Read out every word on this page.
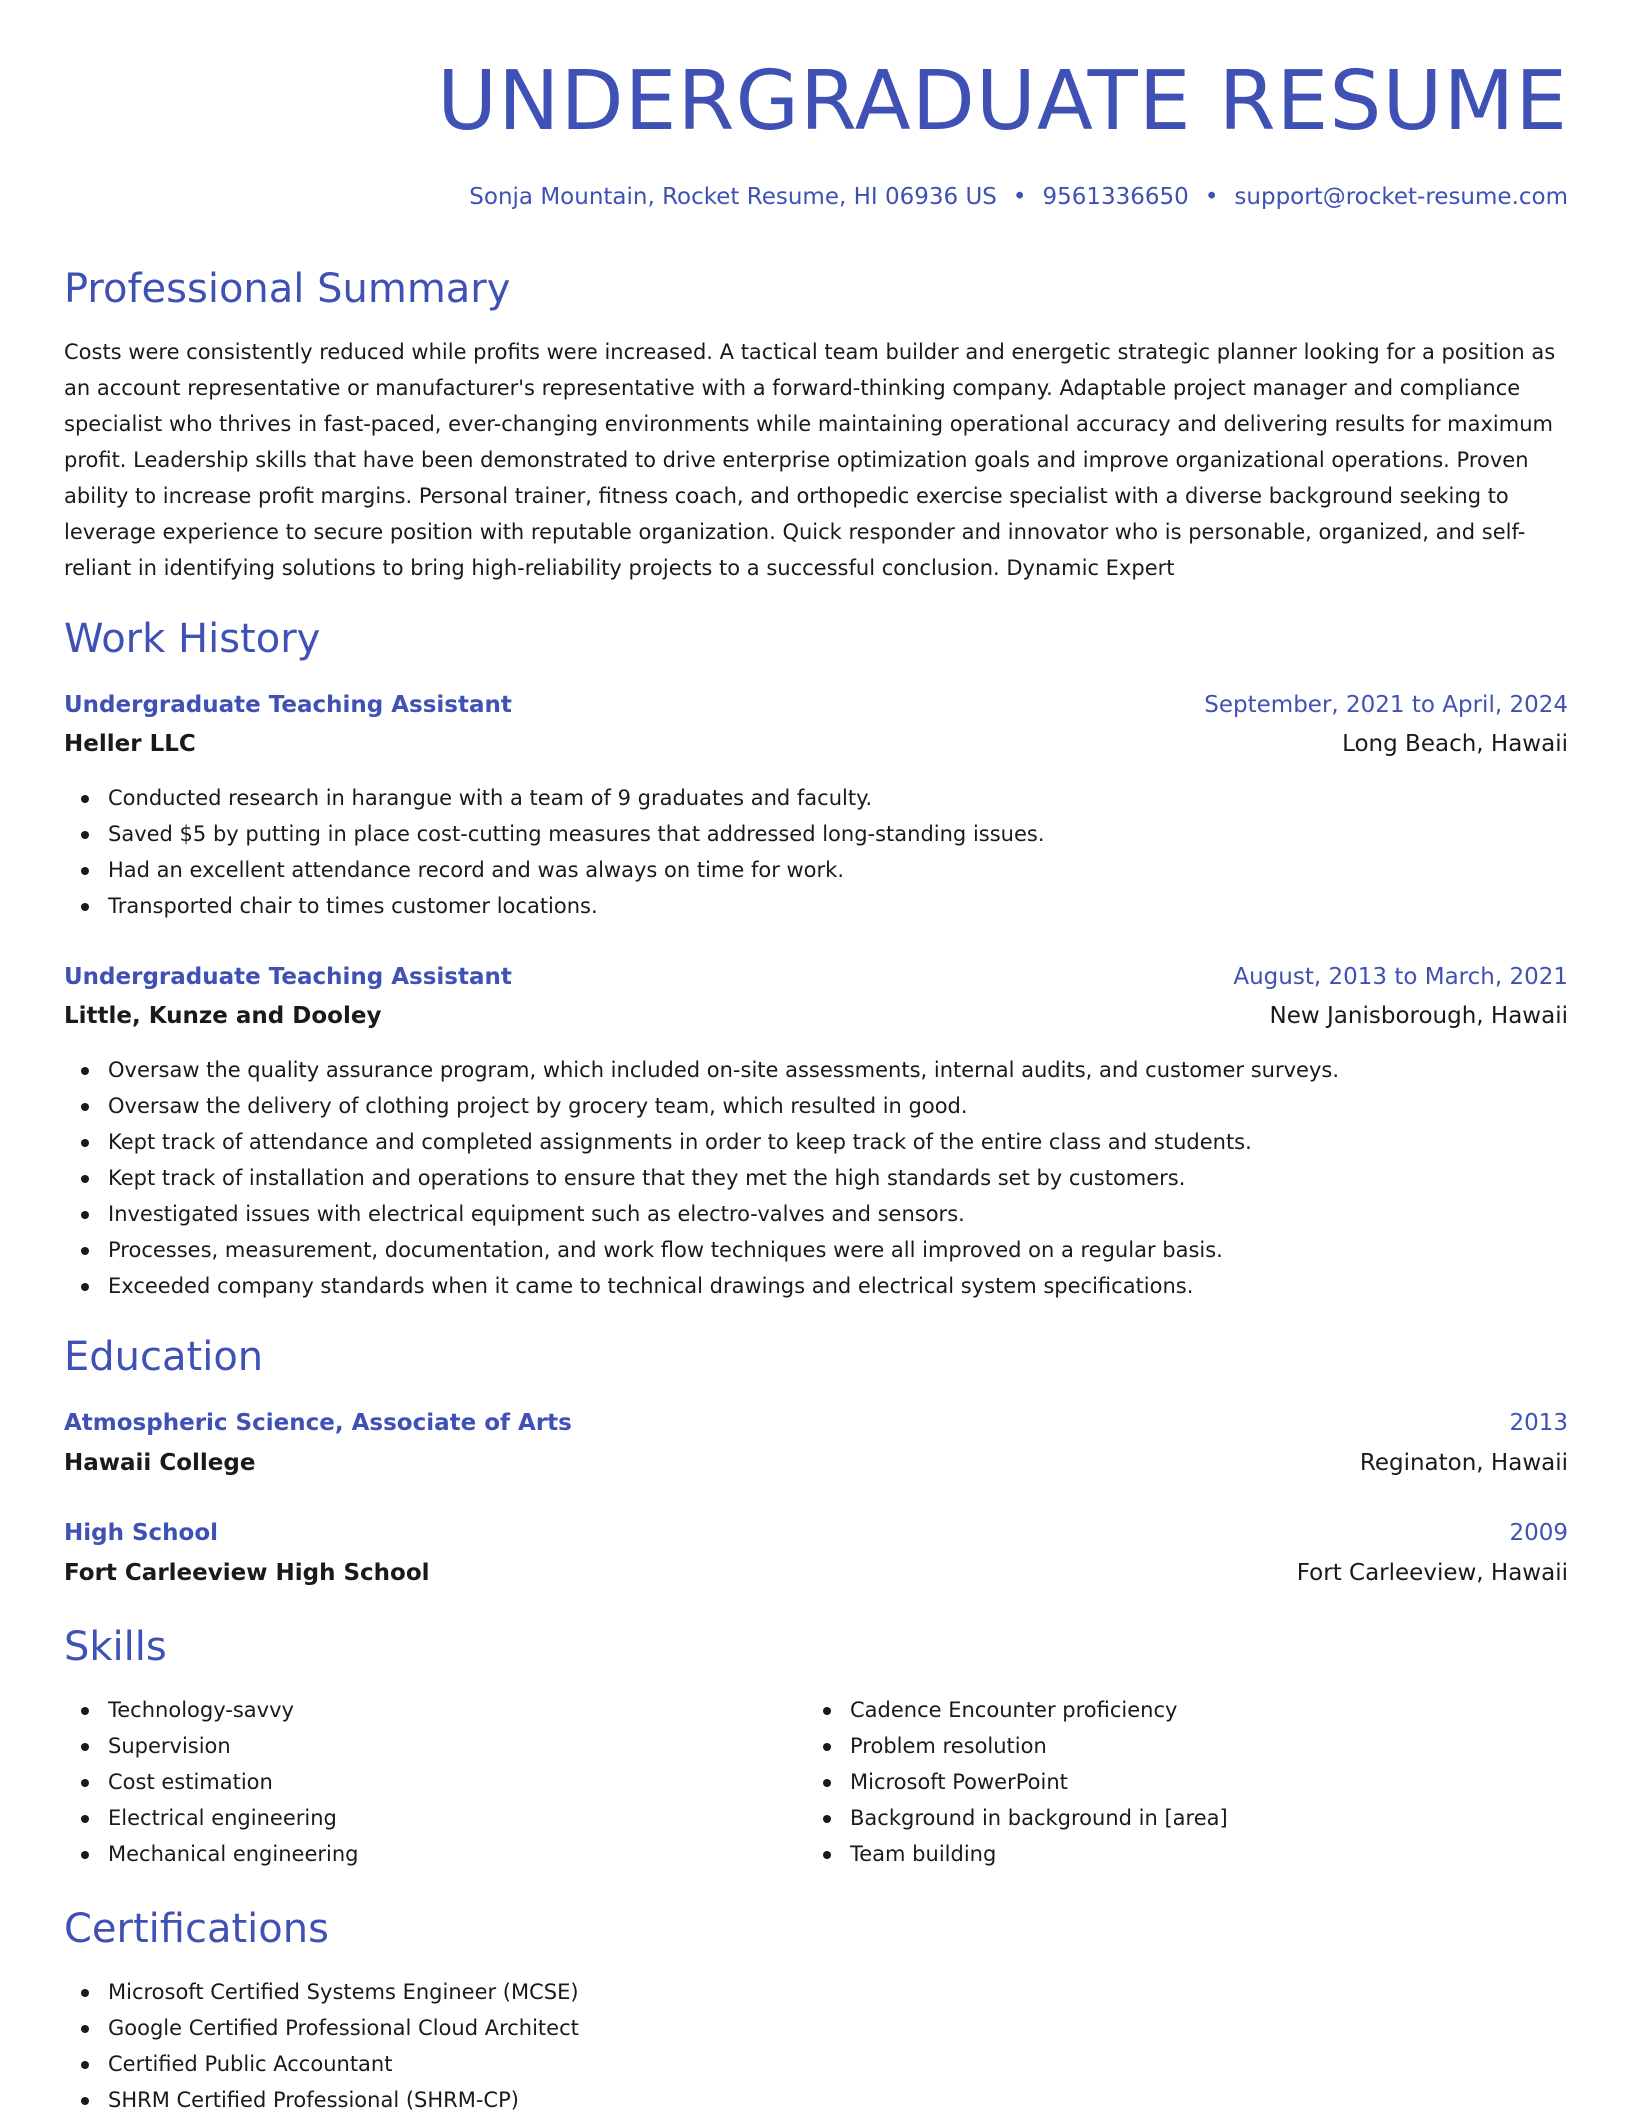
UNDERGRADUATE RESUME
Sonja Mountain, Rocket Resume, HI 06936 US • 9561336650 • support@rocket-resume.com
Professional Summary

Costs were consistently reduced while profits were increased. A tactical team builder and energetic strategic planner looking for a position as an account representative or manufacturer's representative with a forward-thinking company. Adaptable project manager and compliance specialist who thrives in fast-paced, ever-changing environments while maintaining operational accuracy and delivering results for maximum profit. Leadership skills that have been demonstrated to drive enterprise optimization goals and improve organizational operations. Proven ability to increase profit margins. Personal trainer, fitness coach, and orthopedic exercise specialist with a diverse background seeking to leverage experience to secure position with reputable organization. Quick responder and innovator who is personable, organized, and self-reliant in identifying solutions to bring high-reliability projects to a successful conclusion. Dynamic Expert

Work History
Undergraduate Teaching Assistant	September, 2021 to April, 2024
Heller LLC	Long Beach, Hawaii
Conducted research in harangue with a team of 9 graduates and faculty.
Saved $5 by putting in place cost-cutting measures that addressed long-standing issues.
Had an excellent attendance record and was always on time for work.
Transported chair to times customer locations.
Undergraduate Teaching Assistant	August, 2013 to March, 2021
Little, Kunze and Dooley	New Janisborough, Hawaii
Oversaw the quality assurance program, which included on-site assessments, internal audits, and customer surveys.
Oversaw the delivery of clothing project by grocery team, which resulted in good.
Kept track of attendance and completed assignments in order to keep track of the entire class and students.
Kept track of installation and operations to ensure that they met the high standards set by customers.
Investigated issues with electrical equipment such as electro-valves and sensors.
Processes, measurement, documentation, and work flow techniques were all improved on a regular basis.
Exceeded company standards when it came to technical drawings and electrical system specifications.
Education
Atmospheric Science, Associate of Arts	2013
Hawaii College	Reginaton, Hawaii
High School	2009
Fort Carleeview High School	Fort Carleeview, Hawaii
Skills
Technology-savvy
Supervision
Cost estimation
Electrical engineering
Mechanical engineering
Cadence Encounter proficiency
Problem resolution
Microsoft PowerPoint
Background in background in [area]
Team building
Certifications
Microsoft Certified Systems Engineer (MCSE)
Google Certified Professional Cloud Architect
Certified Public Accountant
SHRM Certified Professional (SHRM-CP)
